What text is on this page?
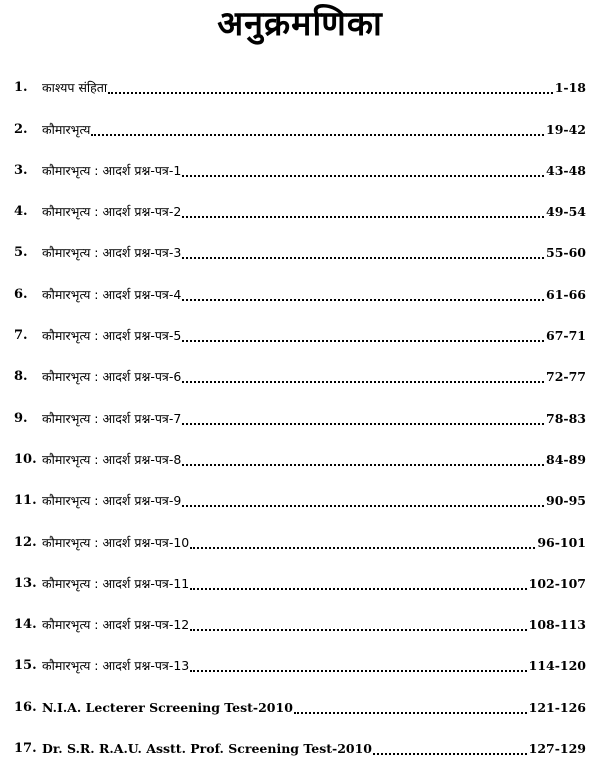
अनुक्रमणिका
1.	काश्यप संहिता	1-18
2.	कौमारभृत्य	19-42
3.	कौमारभृत्य : आदर्श प्रश्न-पत्र-1	43-48
4.	कौमारभृत्य : आदर्श प्रश्न-पत्र-2	49-54
5.	कौमारभृत्य : आदर्श प्रश्न-पत्र-3	55-60
6.	कौमारभृत्य : आदर्श प्रश्न-पत्र-4	61-66
7.	कौमारभृत्य : आदर्श प्रश्न-पत्र-5	67-71
8.	कौमारभृत्य : आदर्श प्रश्न-पत्र-6	72-77
9.	कौमारभृत्य : आदर्श प्रश्न-पत्र-7	78-83
10. कौमारभृत्य : आदर्श प्रश्न-पत्र-8	84-89
11. कौमारभृत्य : आदर्श प्रश्न-पत्र-9	90-95
12. कौमारभृत्य : आदर्श प्रश्न-पत्र-10	96-101
13. कौमारभृत्य : आदर्श प्रश्न-पत्र-11	102-107
14. कौमारभृत्य : आदर्श प्रश्न-पत्र-12	108-113
15. कौमारभृत्य : आदर्श प्रश्न-पत्र-13	114-120
16. N.I.A. Lecterer Screening Test-2010	121-126
17. Dr. S.R. R.A.U. Asstt. Prof. Screening Test-2010	127-129
